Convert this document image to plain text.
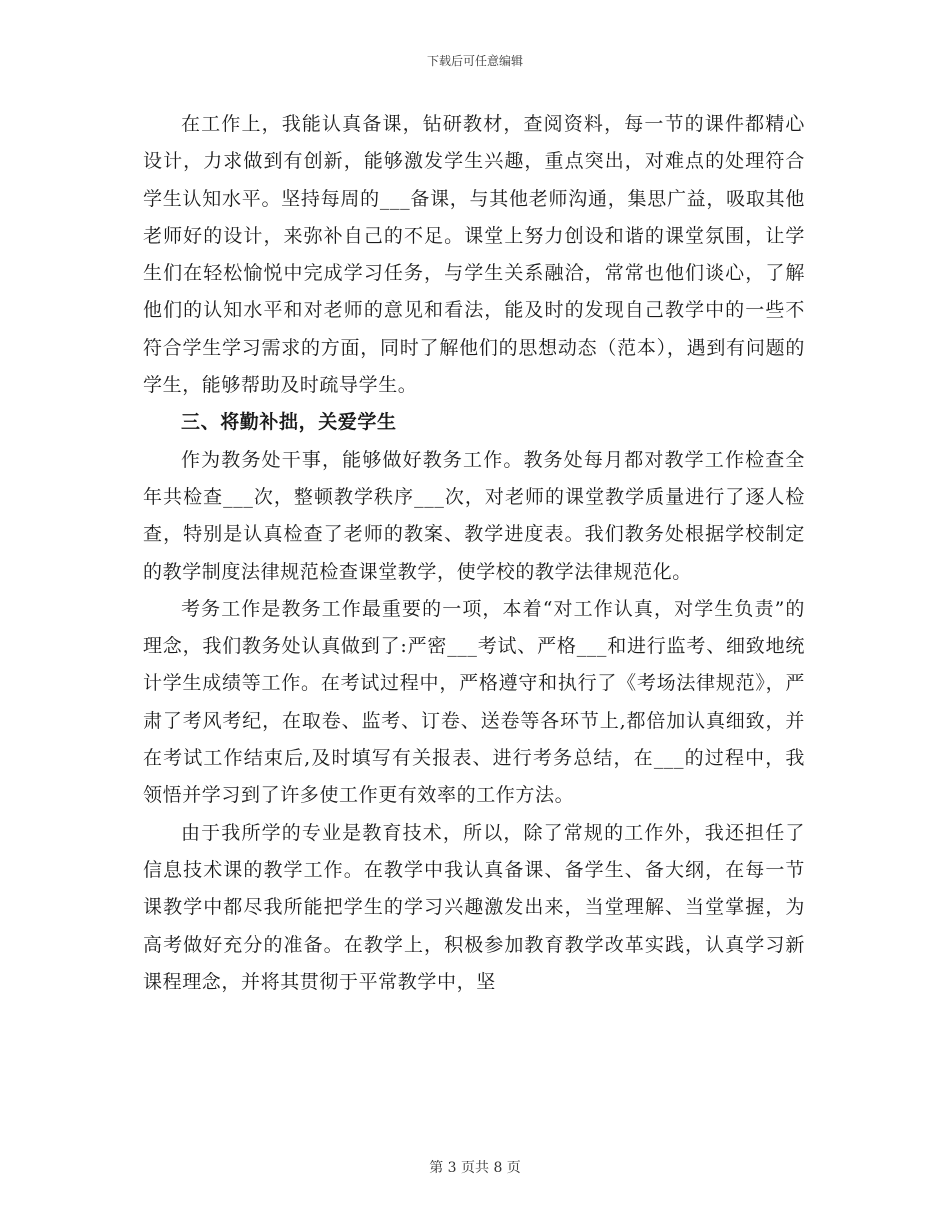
下载后可任意编辑

在工作上，我能认真备课，钻研教材，查阅资料，每一节的课件都精心设计，力求做到有创新，能够激发学生兴趣，重点突出，对难点的处理符合学生认知水平。坚持每周的___备课，与其他老师沟通，集思广益，吸取其他老师好的设计，来弥补自己的不足。课堂上努力创设和谐的课堂氛围，让学生们在轻松愉悦中完成学习任务，与学生关系融洽，常常也他们谈心，了解他们的认知水平和对老师的意见和看法，能及时的发现自己教学中的一些不符合学生学习需求的方面，同时了解他们的思想动态（范本），遇到有问题的学生，能够帮助及时疏导学生。

三、将勤补拙，关爱学生

作为教务处干事，能够做好教务工作。教务处每月都对教学工作检查全年共检查___次，整顿教学秩序___次，对老师的课堂教学质量进行了逐人检查，特别是认真检查了老师的教案、教学进度表。我们教务处根据学校制定的教学制度法律规范检查课堂教学，使学校的教学法律规范化。

考务工作是教务工作最重要的一项，本着“对工作认真，对学生负责”的理念，我们教务处认真做到了:严密___考试、严格___和进行监考、细致地统计学生成绩等工作。在考试过程中，严格遵守和执行了《考场法律规范》，严肃了考风考纪，在取卷、监考、订卷、送卷等各环节上,都倍加认真细致，并在考试工作结束后,及时填写有关报表、进行考务总结，在___的过程中，我领悟并学习到了许多使工作更有效率的工作方法。

由于我所学的专业是教育技术，所以，除了常规的工作外，我还担任了信息技术课的教学工作。在教学中我认真备课、备学生、备大纲，在每一节课教学中都尽我所能把学生的学习兴趣激发出来，当堂理解、当堂掌握，为高考做好充分的准备。在教学上，积极参加教育教学改革实践，认真学习新课程理念，并将其贯彻于平常教学中，坚

第 3 页共 8 页
